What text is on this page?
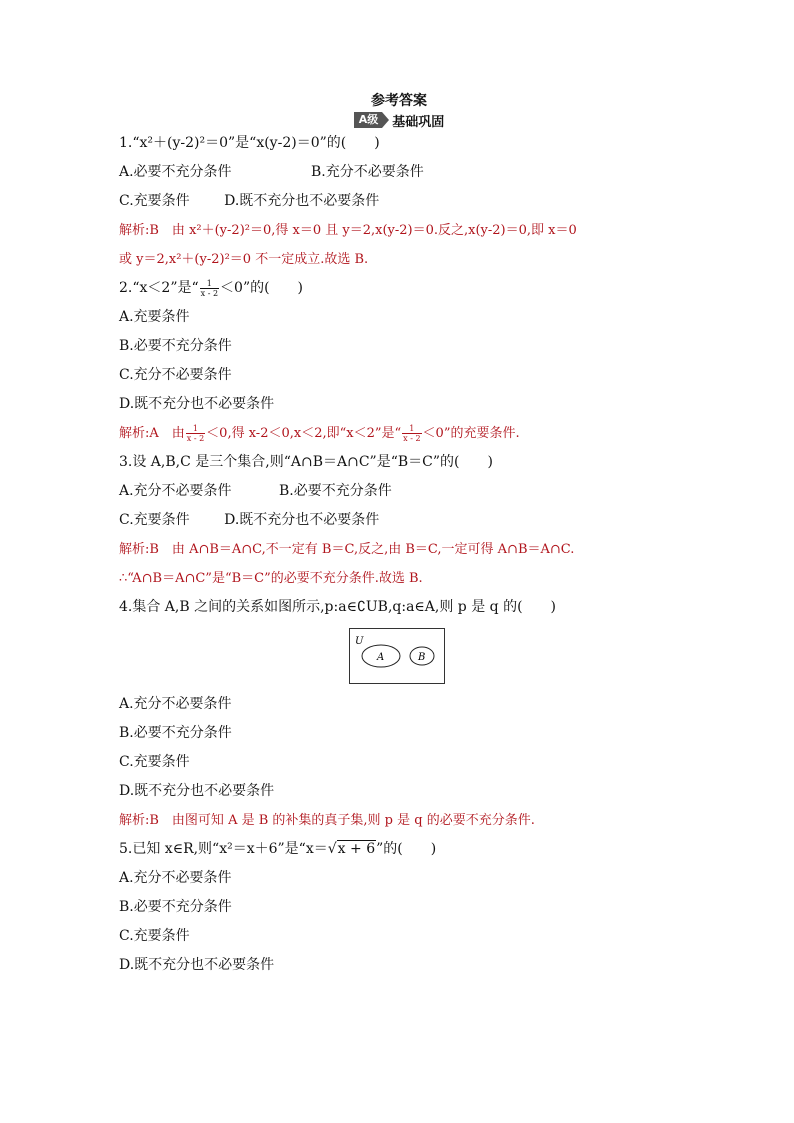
参考答案
A级	基础巩固
1.“x²＋(y-2)²＝0”是“x(y-2)＝0”的(　　)
A.必要不充分条件	B.充分不必要条件
C.充要条件 D.既不充分也不必要条件
解析:B　由 x²＋(y-2)²＝0,得 x＝0 且 y＝2,x(y-2)＝0.反之,x(y-2)＝0,即 x＝0
或 y＝2,x²＋(y-2)²＝0 不一定成立.故选 B.
2.“x＜2”是“ $\frac{1}{x - 2} <0$”的(　　)
A.充要条件
B.必要不充分条件
C.充分不必要条件
D.既不充分也不必要条件
解析:A　由 $\frac{1}{x - 2} <0$,得 x-2＜0,x＜2,即“x＜2”是“ $\frac{1}{x - 2} <0$”的充要条件.
3.设 A,B,C 是三个集合,则“A∩B＝A∩C”是“B＝C”的(　　)
A.充分不必要条件	B.必要不充分条件
C.充要条件 D.既不充分也不必要条件
解析:B　由 A∩B＝A∩C,不一定有 B＝C,反之,由 B＝C,一定可得 A∩B＝A∩C.
∴“A∩B＝A∩C”是“B＝C”的必要不充分条件.故选 B.
4.集合 A,B 之间的关系如图所示,p:a∈∁UB,q:a∈A,则 p 是 q 的(　　)
U
A	B
A.充分不必要条件
B.必要不充分条件
C.充要条件
D.既不充分也不必要条件
解析:B　由图可知 A 是 B 的补集的真子集,则 p 是 q 的必要不充分条件.
5.已知 x∈R,则“x²＝x＋6”是“x＝√x + 6”的(　　)
A.充分不必要条件
B.必要不充分条件
C.充要条件
D.既不充分也不必要条件
